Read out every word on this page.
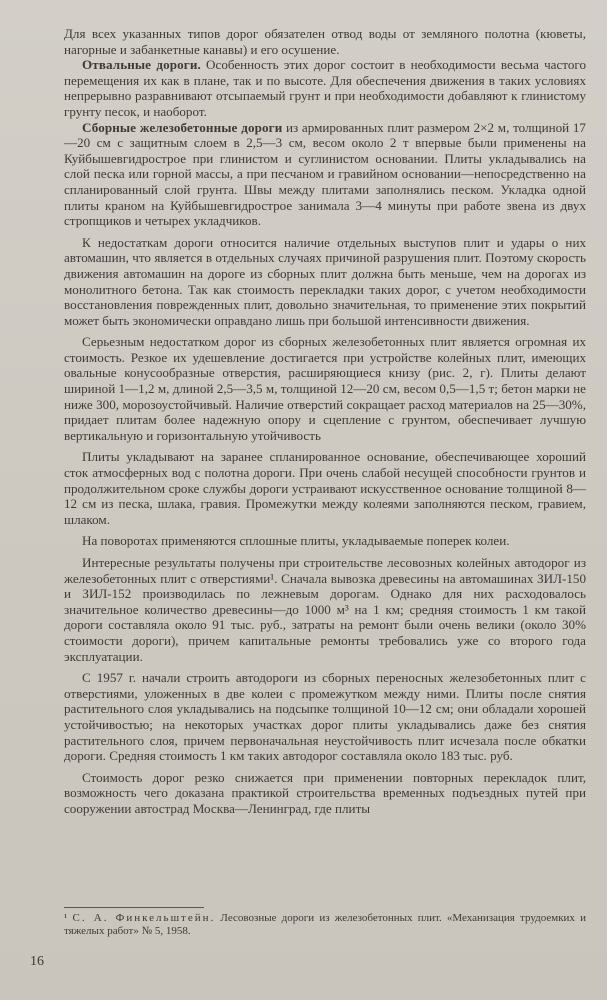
Для всех указанных типов дорог обязателен отвод воды от земляного полотна (кюветы, нагорные и забанкетные канавы) и его осушение.

Отвальные дороги. Особенность этих дорог состоит в необходимости весьма частого перемещения их как в плане, так и по высоте. Для обеспечения движения в таких условиях непрерывно разравнивают отсыпаемый грунт и при необходимости добавляют к глинистому грунту песок, и наоборот.

Сборные железобетонные дороги из армированных плит размером 2×2 м, толщиной 17—20 см с защитным слоем в 2,5—3 см, весом около 2 т впервые были применены на Куйбышевгидрострое при глинистом и суглинистом основании. Плиты укладывались на слой песка или горной массы, а при песчаном и гравийном основании—непосредственно на спланированный слой грунта. Швы между плитами заполнялись песком. Укладка одной плиты краном на Куйбышевгидрострое занимала 3—4 минуты при работе звена из двух стропщиков и четырех укладчиков.

К недостаткам дороги относится наличие отдельных выступов плит и удары о них автомашин, что является в отдельных случаях причиной разрушения плит. Поэтому скорость движения автомашин на дороге из сборных плит должна быть меньше, чем на дорогах из монолитного бетона. Так как стоимость перекладки таких дорог, с учетом необходимости восстановления поврежденных плит, довольно значительная, то применение этих покрытий может быть экономически оправдано лишь при большой интенсивности движения.

Серьезным недостатком дорог из сборных железобетонных плит является огромная их стоимость. Резкое их удешевление достигается при устройстве колейных плит, имеющих овальные конусообразные отверстия, расширяющиеся книзу (рис. 2, г). Плиты делают шириной 1—1,2 м, длиной 2,5—3,5 м, толщиной 12—20 см, весом 0,5—1,5 т; бетон марки не ниже 300, морозоустойчивый. Наличие отверстий сокращает расход материалов на 25—30%, придает плитам более надежную опору и сцепление с грунтом, обеспечивает лучшую вертикальную и горизонтальную утойчивость

Плиты укладывают на заранее спланированное основание, обеспечивающее хороший сток атмосферных вод с полотна дороги. При очень слабой несущей способности грунтов и продолжительном сроке службы дороги устраивают искусственное основание толщиной 8—12 см из песка, шлака, гравия. Промежутки между колеями заполняются песком, гравием, шлаком.

На поворотах применяются сплошные плиты, укладываемые поперек колеи.

Интересные результаты получены при строительстве лесовозных колейных автодорог из железобетонных плит с отверстиями¹. Сначала вывозка древесины на автомашинах ЗИЛ-150 и ЗИЛ-152 производилась по лежневым дорогам. Однако для них расходовалось значительное количество древесины—до 1000 м³ на 1 км; средняя стоимость 1 км такой дороги составляла около 91 тыс. руб., затраты на ремонт были очень велики (около 30% стоимости дороги), причем капитальные ремонты требовались уже со второго года эксплуатации.

С 1957 г. начали строить автодороги из сборных переносных железобетонных плит с отверстиями, уложенных в две колеи с промежутком между ними. Плиты после снятия растительного слоя укладывались на подсыпке толщиной 10—12 см; они обладали хорошей устойчивостью; на некоторых участках дорог плиты укладывались даже без снятия растительного слоя, причем первоначальная неустойчивость плит исчезала после обкатки дороги. Средняя стоимость 1 км таких автодорог составляла около 183 тыс. руб.

Стоимость дорог резко снижается при применении повторных перекладок плит, возможность чего доказана практикой строительства временных подъездных путей при сооружении автострад Москва—Ленинград, где плиты

¹ С. А. Финкельштейн. Лесовозные дороги из железобетонных плит. «Механизация трудоемких и тяжелых работ» № 5, 1958.
16
